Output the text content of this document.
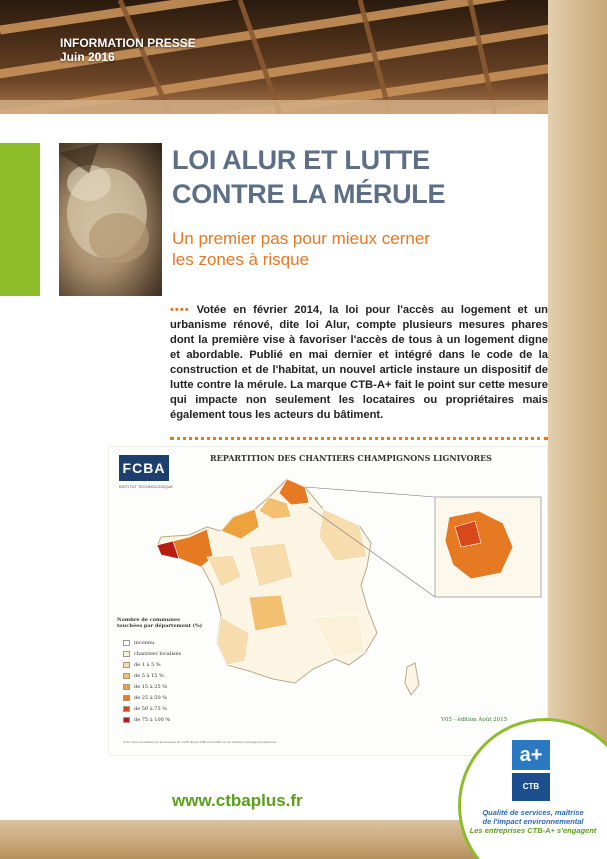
INFORMATION PRESSE
Juin 2016
LOI ALUR ET LUTTE
CONTRE LA MÉRULE
Un premier pas pour mieux cerner
les zones à risque

•••• Votée en février 2014, la loi pour l'accès au logement et un urbanisme rénové, dite loi Alur, compte plusieurs mesures phares dont la première vise à favoriser l'accès de tous à un logement digne et abordable. Publié en mai dernier et intégré dans le code de la construction et de l'habitat, un nouvel article instaure un dispositif de lutte contre la mérule. La marque CTB-A+ fait le point sur cette mesure qui impacte non seulement les locataires ou propriétaires mais également tous les acteurs du bâtiment.

FCBA
INSTITUT TECHNOLOGIQUE
REPARTITION DES CHANTIERS CHAMPIGNONS LIGNIVORES
Nombre de communes touchées par département (%)
inconnu
chantiers localisés
de 1 à 5 %
de 5 à 15 %
de 15 à 25 %
de 25 à 50 %
de 50 à 75 %
de 75 à 100 %	V05 - édition Août 2015
Cette carte est réalisée par les données du CSTB depuis 2006 et le FCBA sur les chantiers champignons lignivores.
www.ctbaplus.fr
a+
CTB
Qualité de services, maîtrise
de l'impact environnemental
Les entreprises CTB-A+ s'engagent
